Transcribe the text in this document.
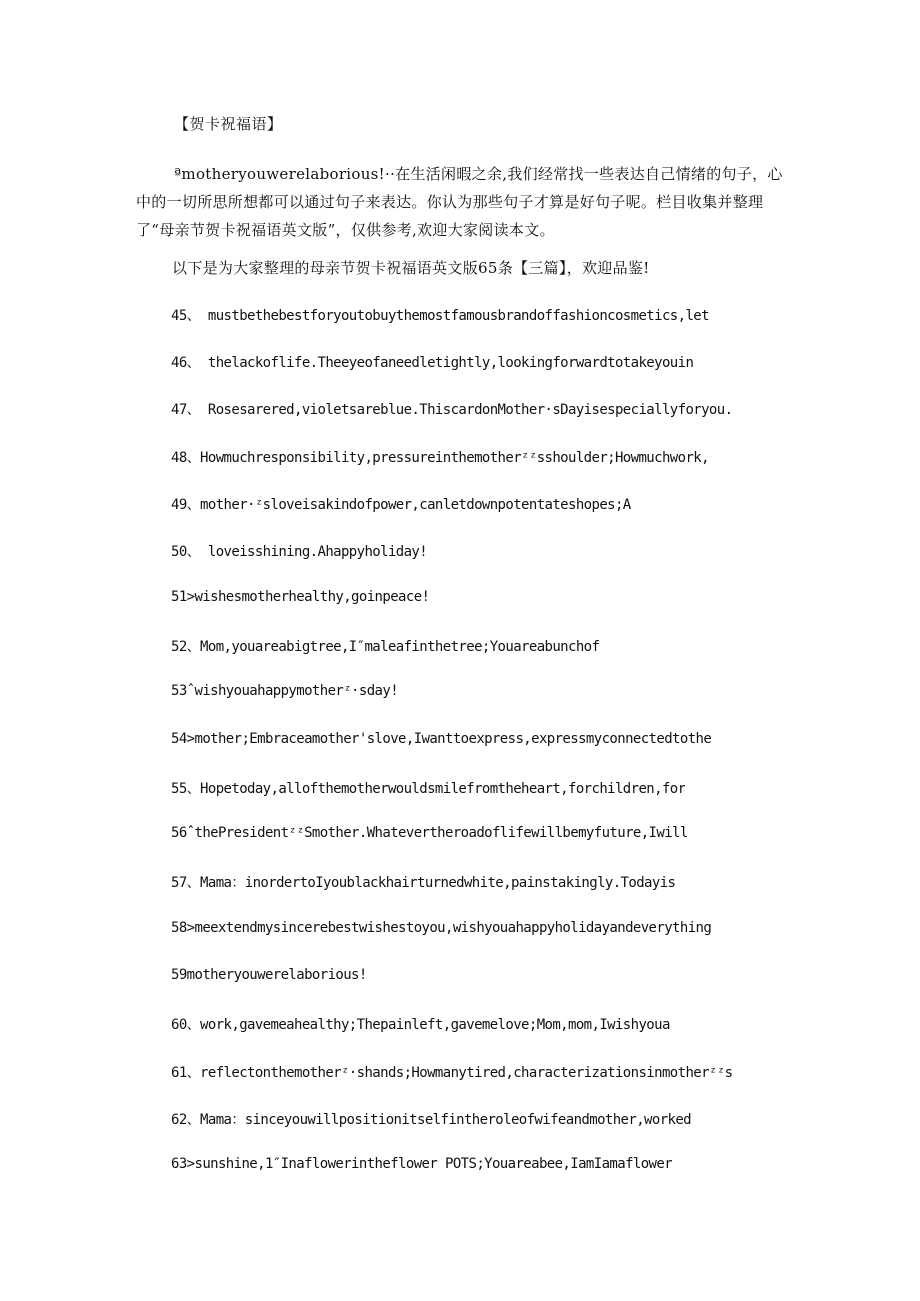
【贺卡祝福语】
ªmotheryouwerelaborious!··在生活闲暇之余,我们经常找一些表达自己情绪的句子，心中的一切所思所想都可以通过句子来表达。你认为那些句子才算是好句子呢。栏目收集并整理了“母亲节贺卡祝福语英文版”，仅供参考,欢迎大家阅读本文。
以下是为大家整理的母亲节贺卡祝福语英文版65条【三篇】，欢迎品鉴!
45、 mustbethebestforyoutobuythemostfamousbrandoffashioncosmetics,let
46、 thelackoflife.Theeyeofaneedletightly,lookingforwardtotakeyouin
47、 Rosesarered,violetsareblue.ThiscardonMother·sDayisespeciallyforyou.
48、Howmuchresponsibility,pressureinthemotherᶻᶻsshoulder;Howmuchwork,
49、mother·ᶻsloveisakindofpower,canletdownpotentateshopes;A
50、 loveisshining.Ahappyholiday!
51>wishesmotherhealthy,goinpeace!
52、Mom,youareabigtree,I″maleafinthetree;Youareabunchof
53ˆwishyouahappymotherᶻ·sday!
54>mother;Embraceamother'slove,Iwanttoexpress,expressmyconnectedtothe
55、Hopetoday,allofthemotherwouldsmilefromtheheart,forchildren,for
56ˆthePresidentᶻᶻSmother.Whatevertheroadoflifewillbemyfuture,Iwill
57、Mama：inordertoIyoublackhairturnedwhite,painstakingly.Todayis
58>meextendmysincerebestwishestoyou,wishyouahappyholidayandeverything
59motheryouwerelaborious!
60、work,gavemeahealthy;Thepainleft,gavemelove;Mom,mom,Iwishyoua
61、reflectonthemotherᶻ·shands;Howmanytired,characterizationsinmotherᶻᶻs
62、Mama：sinceyouwillpositionitselfintheroleofwifeandmother,worked
63>sunshine,1″Inaflowerintheflower POTS;Youareabee,IamIamaflower
